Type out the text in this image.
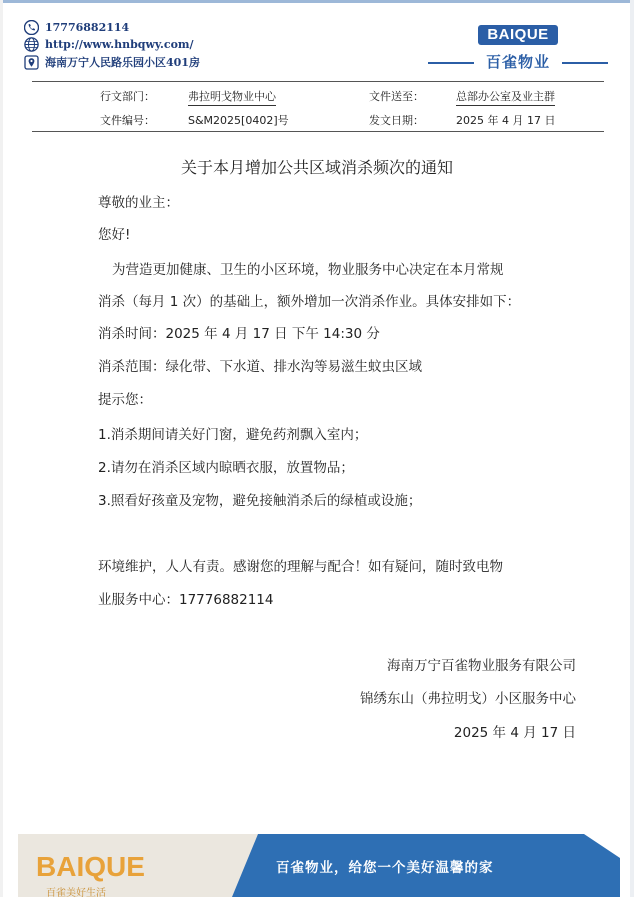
17776882114
http://www.hnbqwy.com/
海南万宁人民路乐园小区401房
BAIQUE
百雀物业
行文部门：	弗拉明戈物业中心	文件送至：	总部办公室及业主群
文件编号：	S&M2025[0402]号	发文日期：	2025 年 4 月 17 日
关于本月增加公共区域消杀频次的通知
尊敬的业主：
您好!
为营造更加健康、卫生的小区环境，物业服务中心决定在本月常规
消杀（每月 1 次）的基础上，额外增加一次消杀作业。具体安排如下：
消杀时间：2025 年 4 月 17 日 下午 14:30 分
消杀范围：绿化带、下水道、排水沟等易滋生蚊虫区域
提示您：
1.消杀期间请关好门窗，避免药剂飘入室内；
2.请勿在消杀区域内晾晒衣服，放置物品；
3.照看好孩童及宠物，避免接触消杀后的绿植或设施；
环境维护，人人有责。感谢您的理解与配合！如有疑问，随时致电物
业服务中心：17776882114
海南万宁百雀物业服务有限公司
锦绣东山（弗拉明戈）小区服务中心
2025 年 4 月 17 日
BAIQUE
百雀美好生活
百雀物业，给您一个美好温馨的家
